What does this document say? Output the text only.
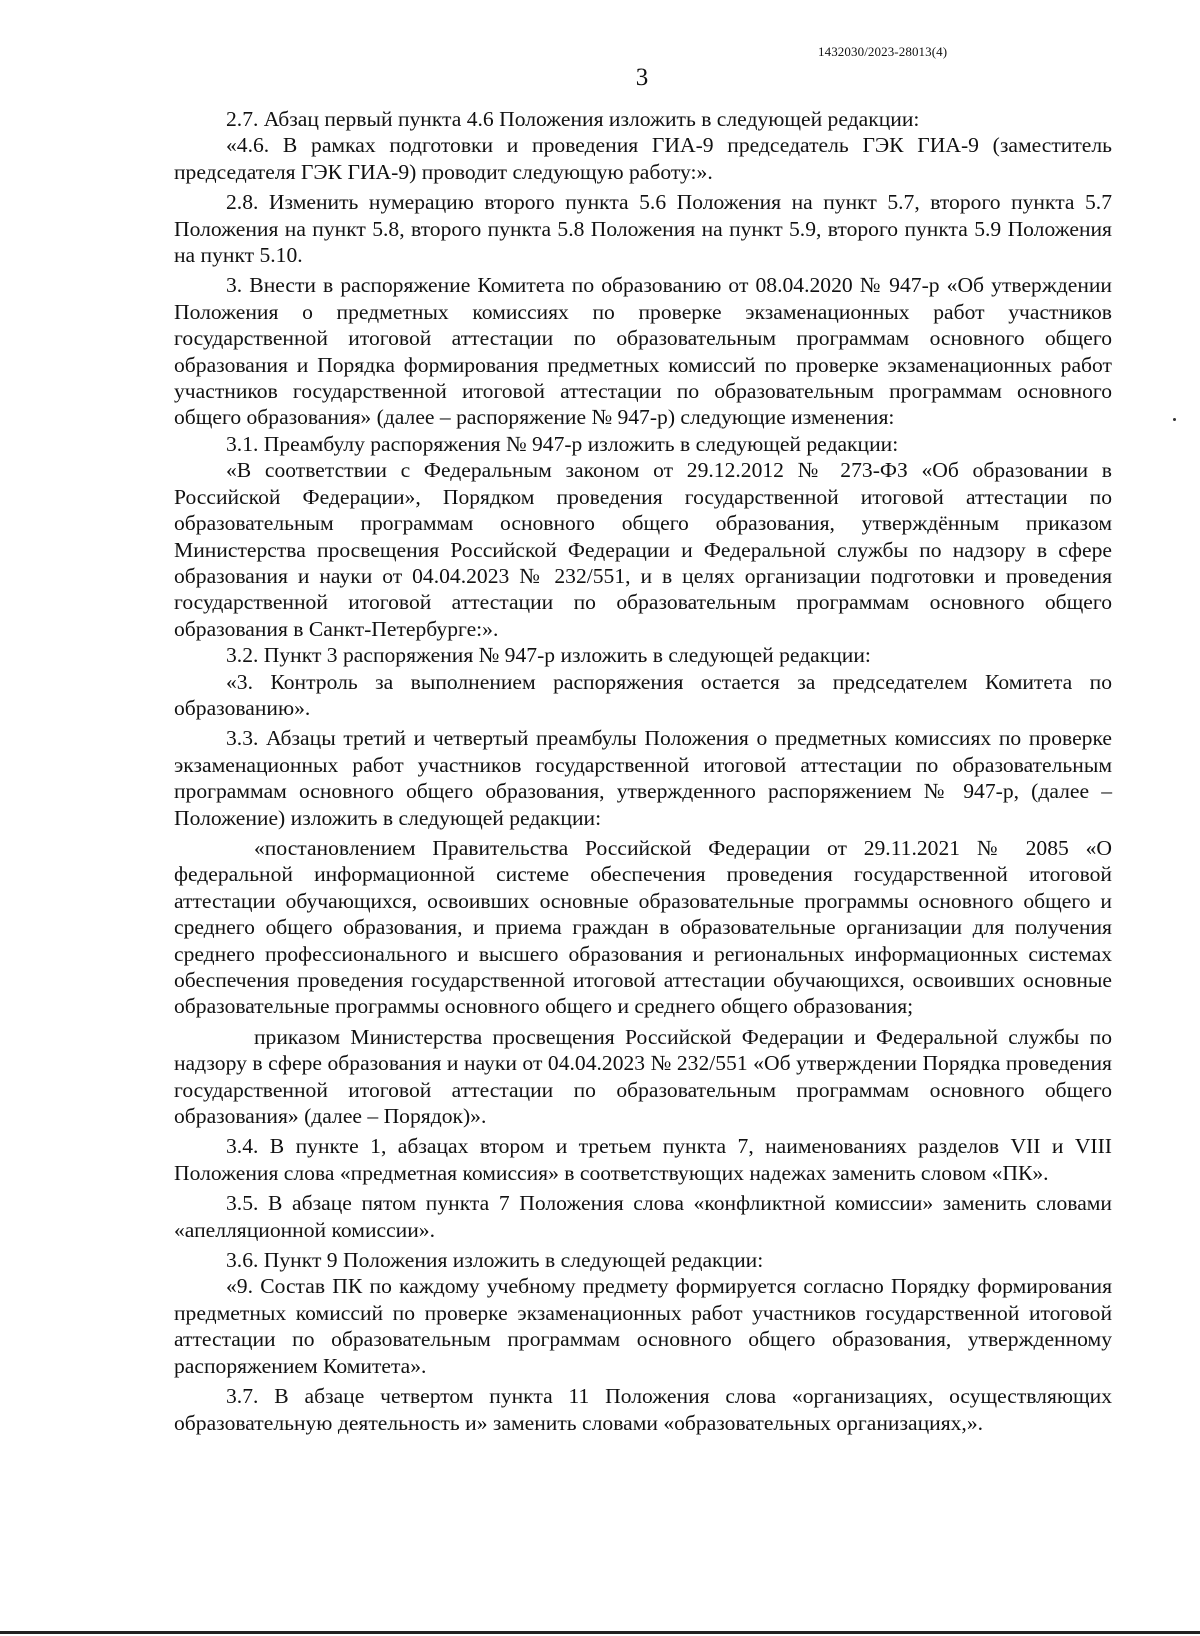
1432030/2023-28013(4)
3

2.7. Абзац первый пункта 4.6 Положения изложить в следующей редакции:

«4.6. В рамках подготовки и проведения ГИА-9 председатель ГЭК ГИА-9 (заместитель председателя ГЭК ГИА-9) проводит следующую работу:».

2.8. Изменить нумерацию второго пункта 5.6 Положения на пункт 5.7, второго пункта 5.7 Положения на пункт 5.8, второго пункта 5.8 Положения на пункт 5.9, второго пункта 5.9 Положения на пункт 5.10.

3. Внести в распоряжение Комитета по образованию от 08.04.2020 № 947-р «Об утверждении Положения о предметных комиссиях по проверке экзаменационных работ участников государственной итоговой аттестации по образовательным программам основного общего образования и Порядка формирования предметных комиссий по проверке экзаменационных работ участников государственной итоговой аттестации по образовательным программам основного общего образования» (далее – распоряжение № 947-р) следующие изменения:

3.1. Преамбулу распоряжения № 947-р изложить в следующей редакции:

«В соответствии с Федеральным законом от 29.12.2012 № 273-ФЗ «Об образовании в Российской Федерации», Порядком проведения государственной итоговой аттестации по образовательным программам основного общего образования, утверждённым приказом Министерства просвещения Российской Федерации и Федеральной службы по надзору в сфере образования и науки от 04.04.2023 № 232/551, и в целях организации подготовки и проведения государственной итоговой аттестации по образовательным программам основного общего образования в Санкт-Петербурге:».

3.2. Пункт 3 распоряжения № 947-р изложить в следующей редакции:

«3. Контроль за выполнением распоряжения остается за председателем Комитета по образованию».

3.3. Абзацы третий и четвертый преамбулы Положения о предметных комиссиях по проверке экзаменационных работ участников государственной итоговой аттестации по образовательным программам основного общего образования, утвержденного распоряжением № 947-р, (далее – Положение) изложить в следующей редакции:

«постановлением Правительства Российской Федерации от 29.11.2021 № 2085 «О федеральной информационной системе обеспечения проведения государственной итоговой аттестации обучающихся, освоивших основные образовательные программы основного общего и среднего общего образования, и приема граждан в образовательные организации для получения среднего профессионального и высшего образования и региональных информационных системах обеспечения проведения государственной итоговой аттестации обучающихся, освоивших основные образовательные программы основного общего и среднего общего образования;

приказом Министерства просвещения Российской Федерации и Федеральной службы по надзору в сфере образования и науки от 04.04.2023 № 232/551 «Об утверждении Порядка проведения государственной итоговой аттестации по образовательным программам основного общего образования» (далее – Порядок)».

3.4. В пункте 1, абзацах втором и третьем пункта 7, наименованиях разделов VII и VIII Положения слова «предметная комиссия» в соответствующих надежах заменить словом «ПК».

3.5. В абзаце пятом пункта 7 Положения слова «конфликтной комиссии» заменить словами «апелляционной комиссии».

3.6. Пункт 9 Положения изложить в следующей редакции:

«9. Состав ПК по каждому учебному предмету формируется согласно Порядку формирования предметных комиссий по проверке экзаменационных работ участников государственной итоговой аттестации по образовательным программам основного общего образования, утвержденному распоряжением Комитета».

3.7. В абзаце четвертом пункта 11 Положения слова «организациях, осуществляющих образовательную деятельность и» заменить словами «образовательных организациях,».
